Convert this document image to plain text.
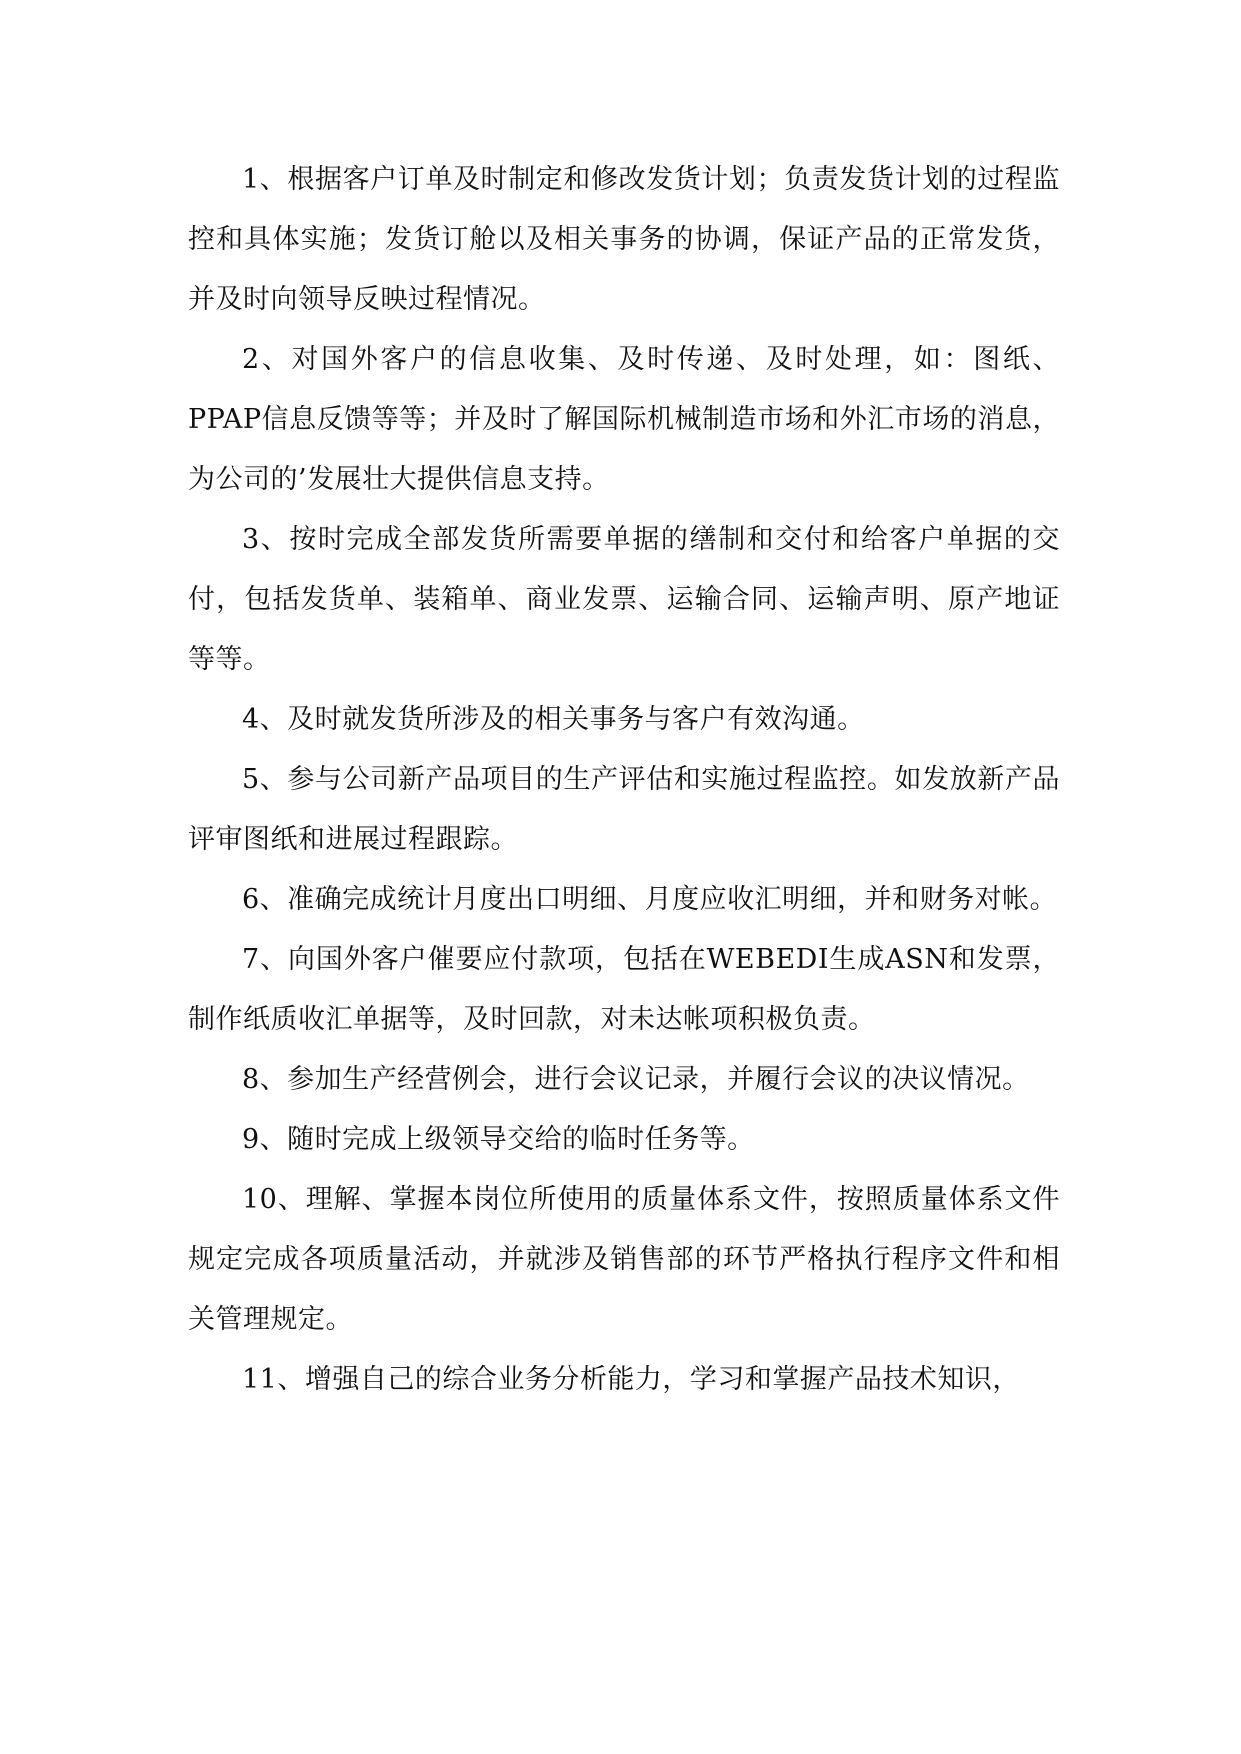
1、根据客户订单及时制定和修改发货计划；负责发货计划的过程监控和具体实施；发货订舱以及相关事务的协调，保证产品的正常发货，并及时向领导反映过程情况。

2、对国外客户的信息收集、及时传递、及时处理，如：图纸、PPAP信息反馈等等；并及时了解国际机械制造市场和外汇市场的消息，为公司的’发展壮大提供信息支持。

3、按时完成全部发货所需要单据的缮制和交付和给客户单据的交付，包括发货单、装箱单、商业发票、运输合同、运输声明、原产地证等等。

4、及时就发货所涉及的相关事务与客户有效沟通。

5、参与公司新产品项目的生产评估和实施过程监控。如发放新产品评审图纸和进展过程跟踪。

6、准确完成统计月度出口明细、月度应收汇明细，并和财务对帐。

7、向国外客户催要应付款项，包括在WEBEDI生成ASN和发票，制作纸质收汇单据等，及时回款，对未达帐项积极负责。

8、参加生产经营例会，进行会议记录，并履行会议的决议情况。

9、随时完成上级领导交给的临时任务等。

10、理解、掌握本岗位所使用的质量体系文件，按照质量体系文件规定完成各项质量活动，并就涉及销售部的环节严格执行程序文件和相关管理规定。

11、增强自己的综合业务分析能力，学习和掌握产品技术知识，
